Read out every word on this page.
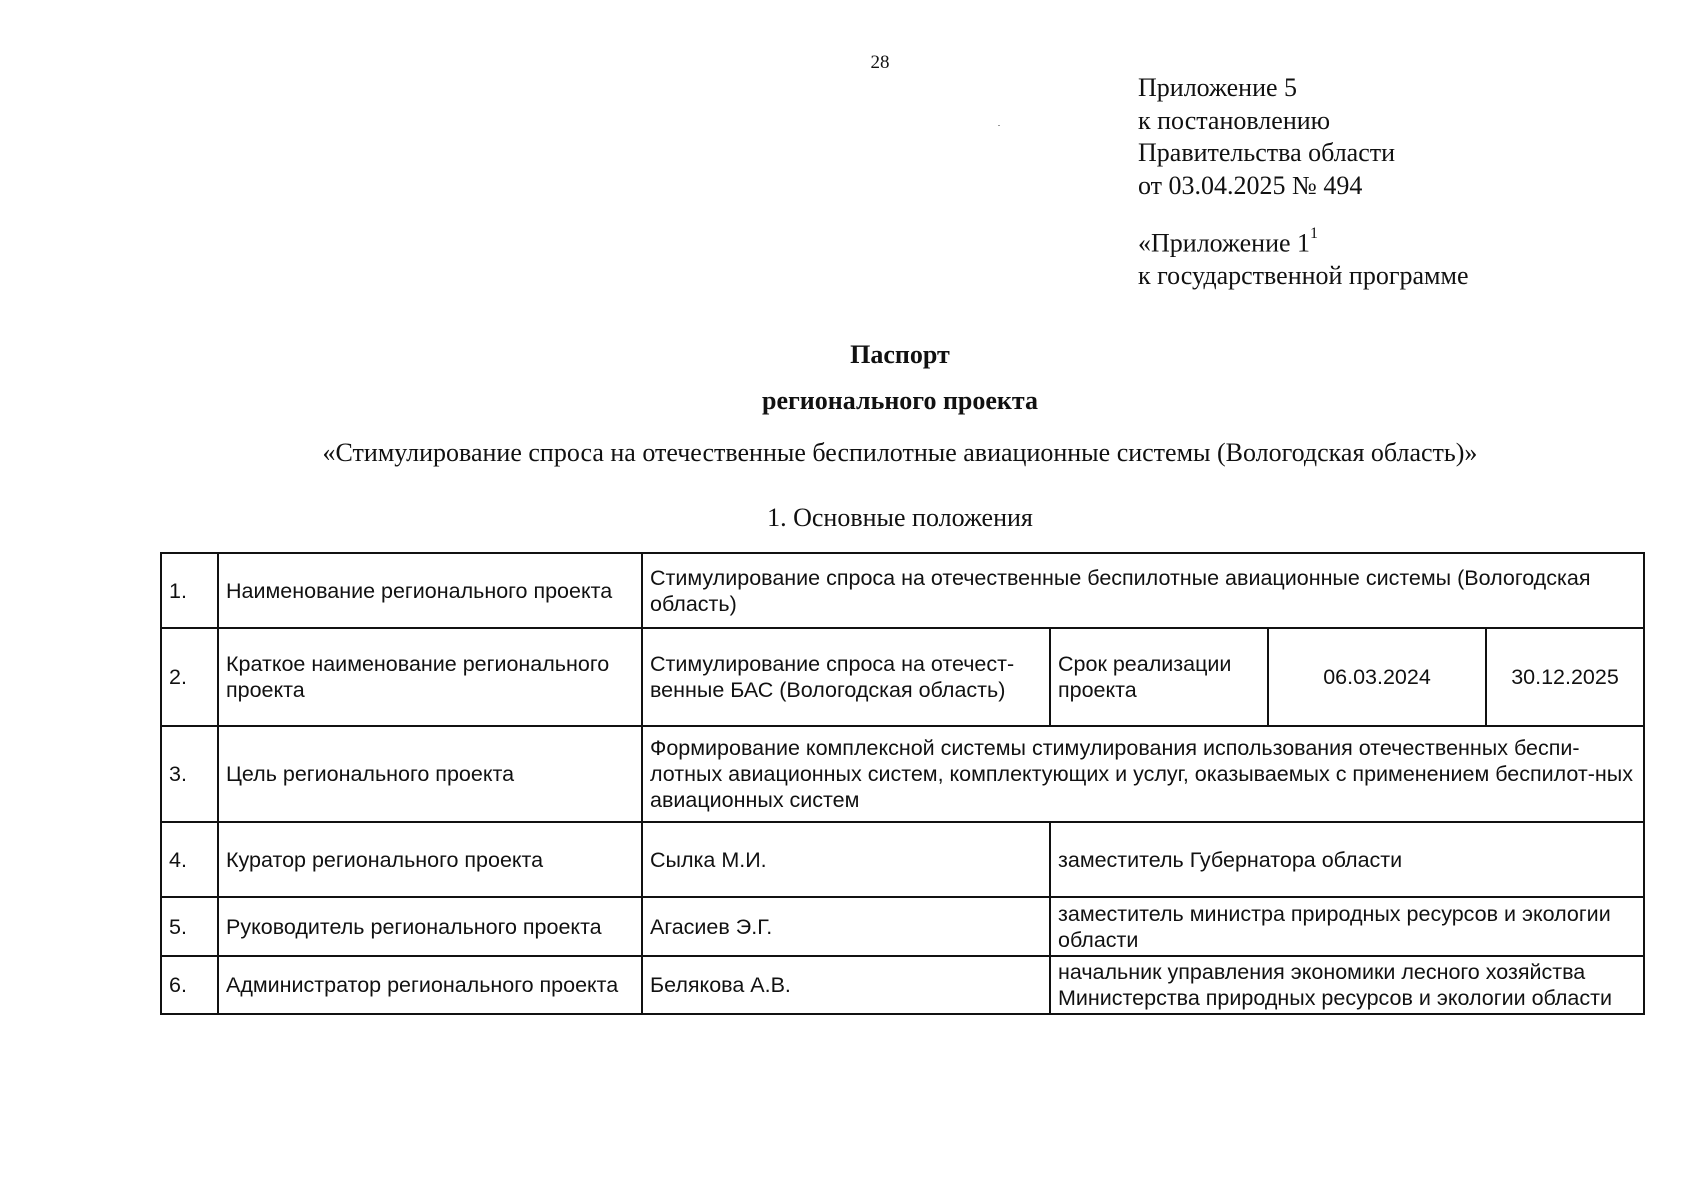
28
Приложение 5
к постановлению
Правительства области
от 03.04.2025 № 494
«Приложение $1^1$
к государственной программе
Паспорт
регионального проекта
«Стимулирование спроса на отечественные беспилотные авиационные системы (Вологодская область)»
1. Основные положения
1.	Наименование регионального проекта	Стимулирование спроса на отечественные беспилотные авиационные системы (Вологодская область)			
2.	Краткое наименование регионального проекта	Стимулирование спроса на отечест-венные БАС (Вологодская область)	Срок реализации проекта	06.03.2024	30.12.2025
3.	Цель регионального проекта	Формирование комплексной системы стимулирования использования отечественных беспи-лотных авиационных систем, комплектующих и услуг, оказываемых с применением беспилот-ных авиационных систем			
4.	Куратор регионального проекта	Сылка М.И.	заместитель Губернатора области		
5.	Руководитель регионального проекта	Агасиев Э.Г.	заместитель министра природных ресурсов и экологии области		
6.	Администратор регионального проекта	Белякова А.В.	начальник управления экономики лесного хозяйства Министерства природных ресурсов и экологии области		
